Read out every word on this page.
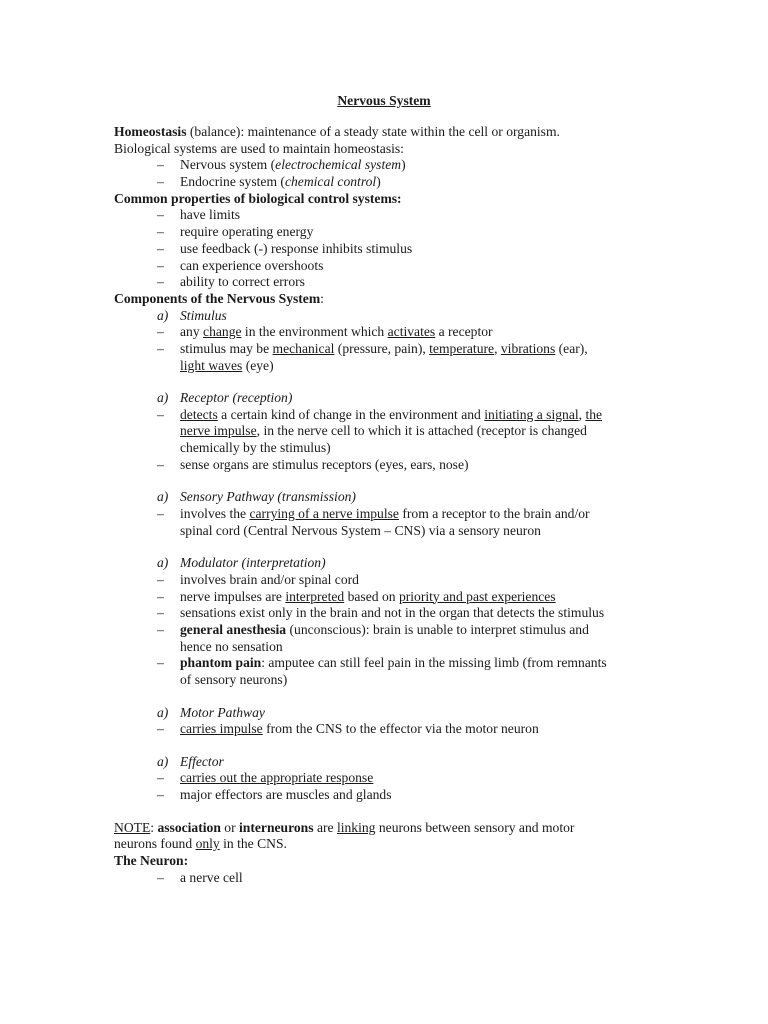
Nervous System
Homeostasis (balance): maintenance of a steady state within the cell or organism.
Biological systems are used to maintain homeostasis:
– Nervous system (electrochemical system)
– Endocrine system (chemical control)
Common properties of biological control systems:
– have limits
– require operating energy
– use feedback (-) response inhibits stimulus
– can experience overshoots
– ability to correct errors
Components of the Nervous System:
a) Stimulus
– any change in the environment which activates a receptor
– stimulus may be mechanical (pressure, pain), temperature, vibrations (ear),
light waves (eye)
a) Receptor (reception)
– detects a certain kind of change in the environment and initiating a signal, the
nerve impulse, in the nerve cell to which it is attached (receptor is changed
chemically by the stimulus)
– sense organs are stimulus receptors (eyes, ears, nose)
a) Sensory Pathway (transmission)
– involves the carrying of a nerve impulse from a receptor to the brain and/or
spinal cord (Central Nervous System – CNS) via a sensory neuron
a) Modulator (interpretation)
– involves brain and/or spinal cord
– nerve impulses are interpreted based on priority and past experiences
– sensations exist only in the brain and not in the organ that detects the stimulus
– general anesthesia (unconscious): brain is unable to interpret stimulus and
hence no sensation
– phantom pain: amputee can still feel pain in the missing limb (from remnants
of sensory neurons)
a) Motor Pathway
– carries impulse from the CNS to the effector via the motor neuron
a) Effector
– carries out the appropriate response
– major effectors are muscles and glands
NOTE: association or interneurons are linking neurons between sensory and motor
neurons found only in the CNS.
The Neuron:
– a nerve cell
